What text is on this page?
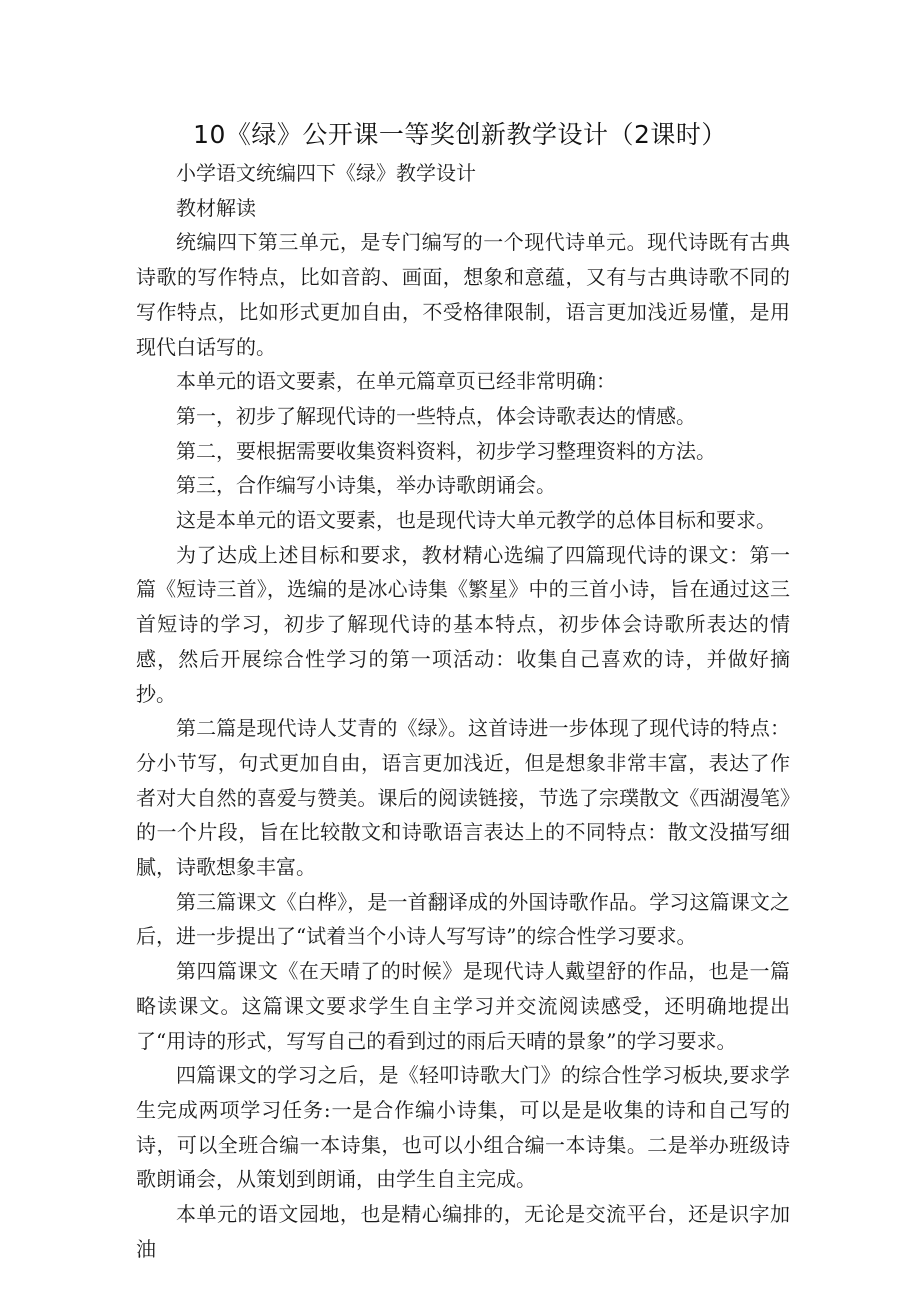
10《绿》公开课一等奖创新教学设计（2课时）

小学语文统编四下《绿》教学设计

教材解读

统编四下第三单元，是专门编写的一个现代诗单元。现代诗既有古典诗歌的写作特点，比如音韵、画面，想象和意蕴，又有与古典诗歌不同的写作特点，比如形式更加自由，不受格律限制，语言更加浅近易懂，是用现代白话写的。

本单元的语文要素，在单元篇章页已经非常明确：

第一，初步了解现代诗的一些特点，体会诗歌表达的情感。

第二，要根据需要收集资料资料，初步学习整理资料的方法。

第三，合作编写小诗集，举办诗歌朗诵会。

这是本单元的语文要素，也是现代诗大单元教学的总体目标和要求。

为了达成上述目标和要求，教材精心选编了四篇现代诗的课文：第一篇《短诗三首》，选编的是冰心诗集《繁星》中的三首小诗，旨在通过这三首短诗的学习，初步了解现代诗的基本特点，初步体会诗歌所表达的情感，然后开展综合性学习的第一项活动：收集自己喜欢的诗，并做好摘抄。

第二篇是现代诗人艾青的《绿》。这首诗进一步体现了现代诗的特点：分小节写，句式更加自由，语言更加浅近，但是想象非常丰富，表达了作者对大自然的喜爱与赞美。课后的阅读链接，节选了宗璞散文《西湖漫笔》的一个片段，旨在比较散文和诗歌语言表达上的不同特点：散文没描写细腻，诗歌想象丰富。

第三篇课文《白桦》，是一首翻译成的外国诗歌作品。学习这篇课文之后，进一步提出了“试着当个小诗人写写诗”的综合性学习要求。

第四篇课文《在天晴了的时候》是现代诗人戴望舒的作品，也是一篇略读课文。这篇课文要求学生自主学习并交流阅读感受，还明确地提出了“用诗的形式，写写自己的看到过的雨后天晴的景象”的学习要求。

四篇课文的学习之后，是《轻叩诗歌大门》的综合性学习板块,要求学生完成两项学习任务:一是合作编小诗集，可以是是收集的诗和自己写的诗，可以全班合编一本诗集，也可以小组合编一本诗集。二是举办班级诗歌朗诵会，从策划到朗诵，由学生自主完成。

本单元的语文园地，也是精心编排的，无论是交流平台，还是识字加油
